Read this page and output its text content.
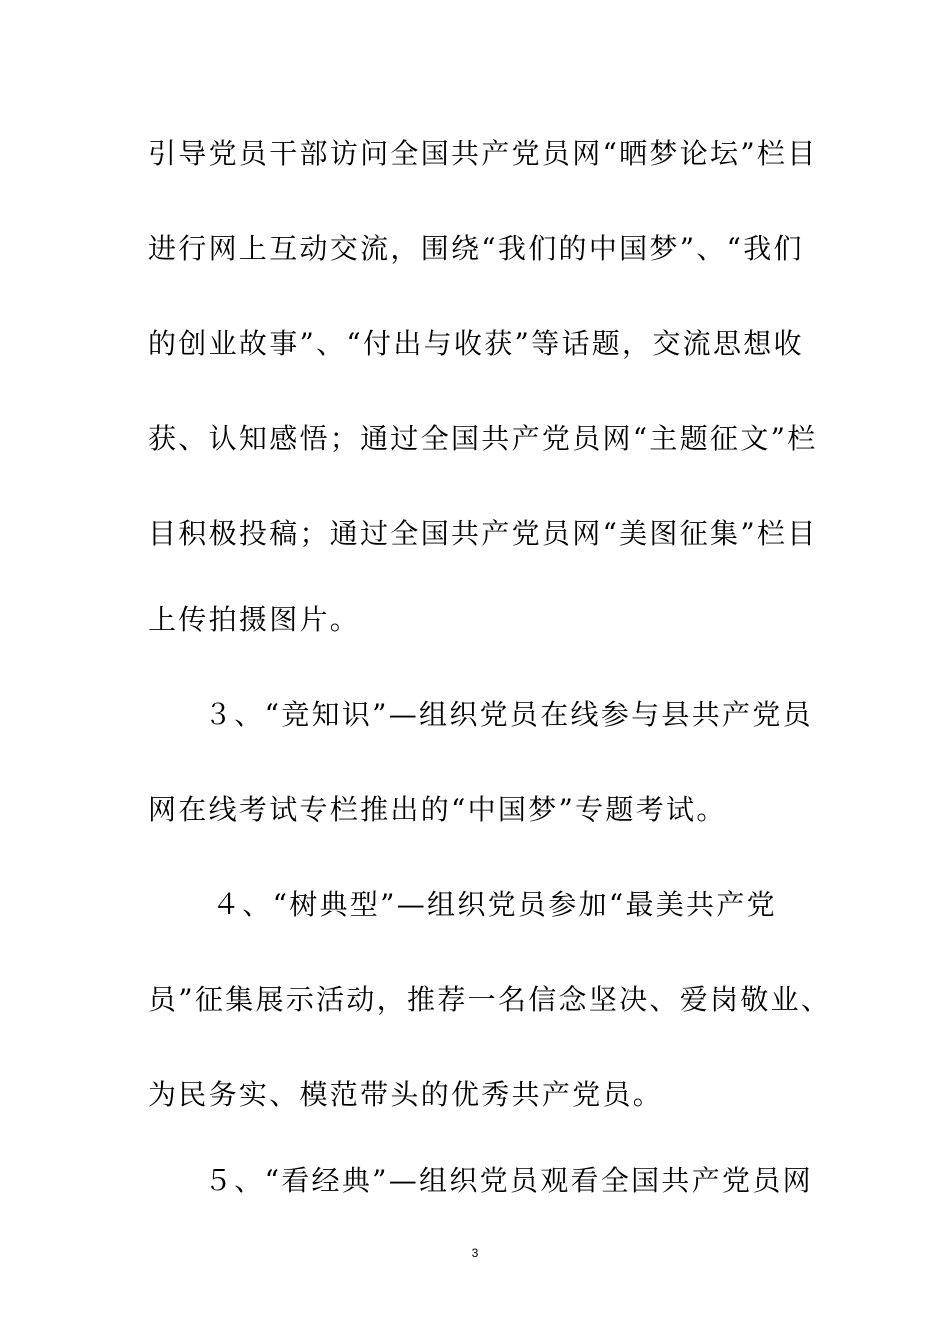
引导党员干部访问全国共产党员网“晒梦论坛”栏目
进行网上互动交流，围绕“我们的中国梦”、“我们
的创业故事”、“付出与收获”等话题，交流思想收
获、认知感悟；通过全国共产党员网“主题征文”栏
目积极投稿；通过全国共产党员网“美图征集”栏目
上传拍摄图片。
３、“竞知识”—组织党员在线参与县共产党员
网在线考试专栏推出的“中国梦”专题考试。
４、“树典型”—组织党员参加“最美共产党
员”征集展示活动，推荐一名信念坚决、爱岗敬业、
为民务实、模范带头的优秀共产党员。
５、“看经典”—组织党员观看全国共产党员网
3
